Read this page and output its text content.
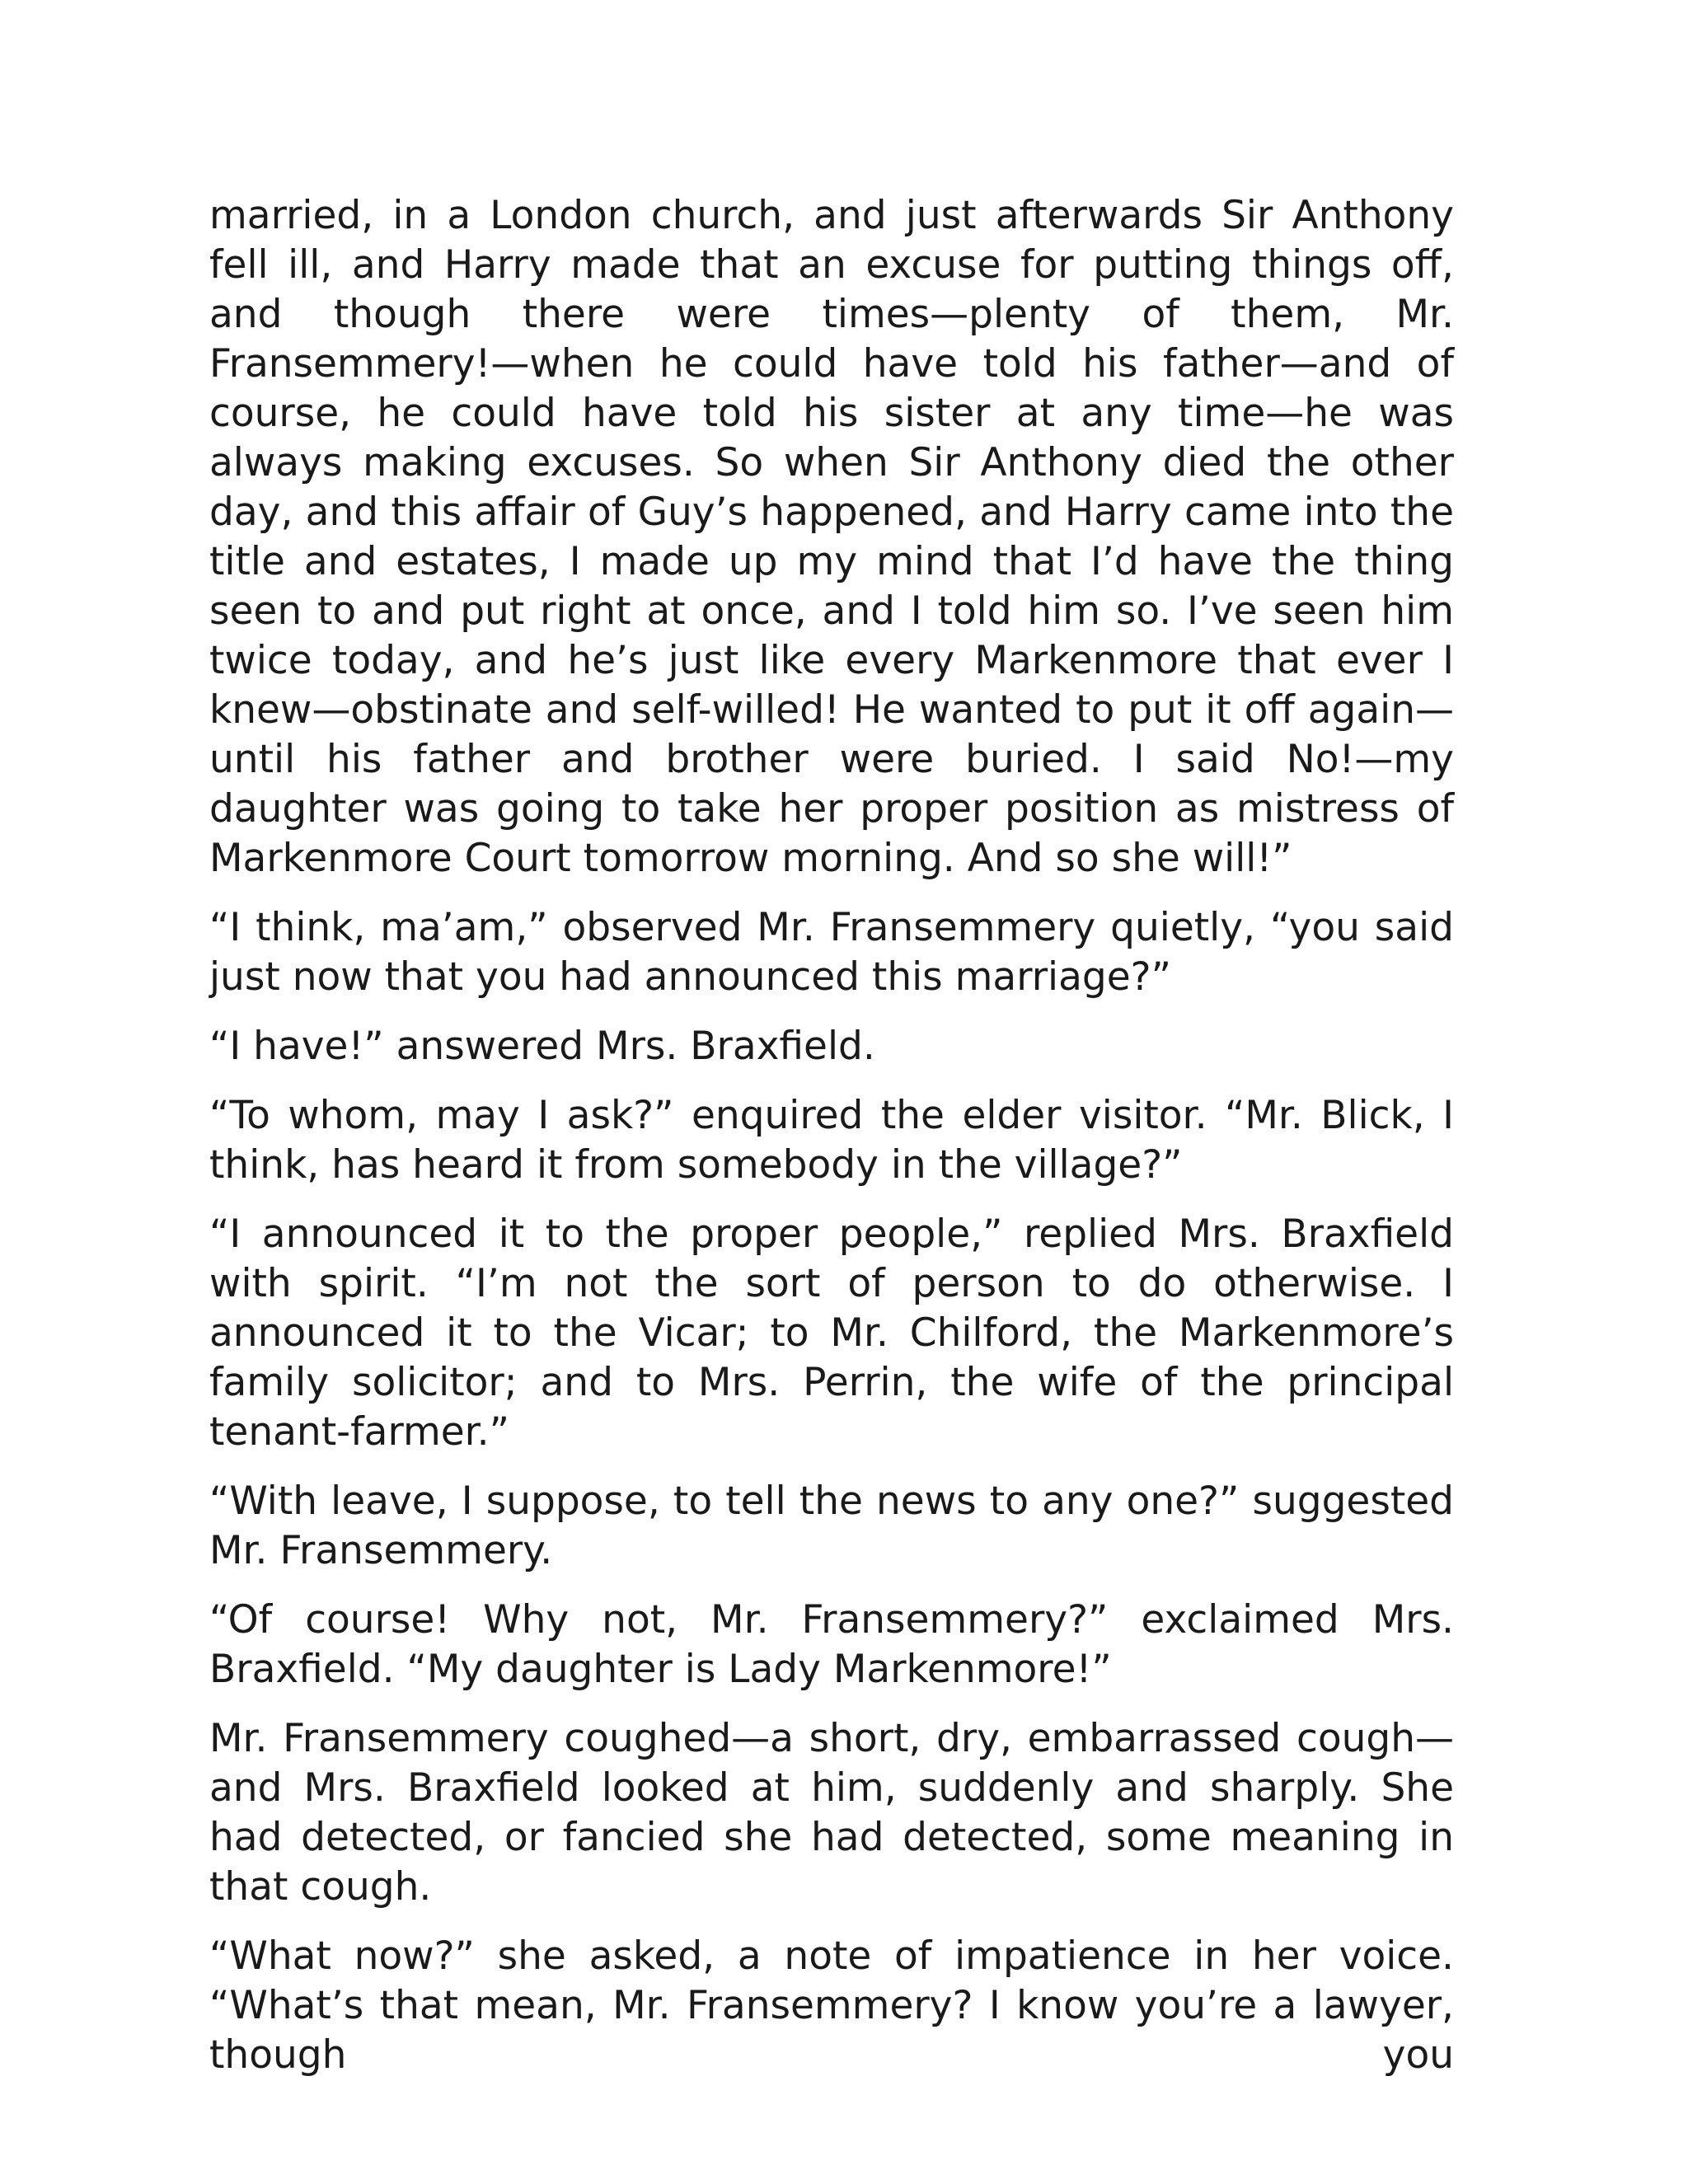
married, in a London church, and just afterwards Sir Anthony fell ill, and Harry made that an excuse for putting things off, and though there were times—plenty of them, Mr. Fransemmery!—when he could have told his father—and of course, he could have told his sister at any time—he was always making excuses. So when Sir Anthony died the other day, and this affair of Guy’s happened, and Harry came into the title and estates, I made up my mind that I’d have the thing seen to and put right at once, and I told him so. I’ve seen him twice today, and he’s just like every Markenmore that ever I knew—obstinate and self-willed! He wanted to put it off again—until his father and brother were buried. I said No!—my daughter was going to take her proper position as mistress of Markenmore Court tomorrow morning. And so she will!”

“I think, ma’am,” observed Mr. Fransemmery quietly, “you said just now that you had announced this marriage?”

“I have!” answered Mrs. Braxfield.

“To whom, may I ask?” enquired the elder visitor. “Mr. Blick, I think, has heard it from somebody in the village?”

“I announced it to the proper people,” replied Mrs. Braxfield with spirit. “I’m not the sort of person to do otherwise. I announced it to the Vicar; to Mr. Chilford, the Markenmore’s family solicitor; and to Mrs. Perrin, the wife of the principal tenant-farmer.”

“With leave, I suppose, to tell the news to any one?” suggested Mr. Fransemmery.

“Of course! Why not, Mr. Fransemmery?” exclaimed Mrs. Braxfield. “My daughter is Lady Markenmore!”

Mr. Fransemmery coughed—a short, dry, embarrassed cough—and Mrs. Braxfield looked at him, suddenly and sharply. She had detected, or fancied she had detected, some meaning in that cough.

“What now?” she asked, a note of impatience in her voice. “What’s that mean, Mr. Fransemmery? I know you’re a lawyer, though you
